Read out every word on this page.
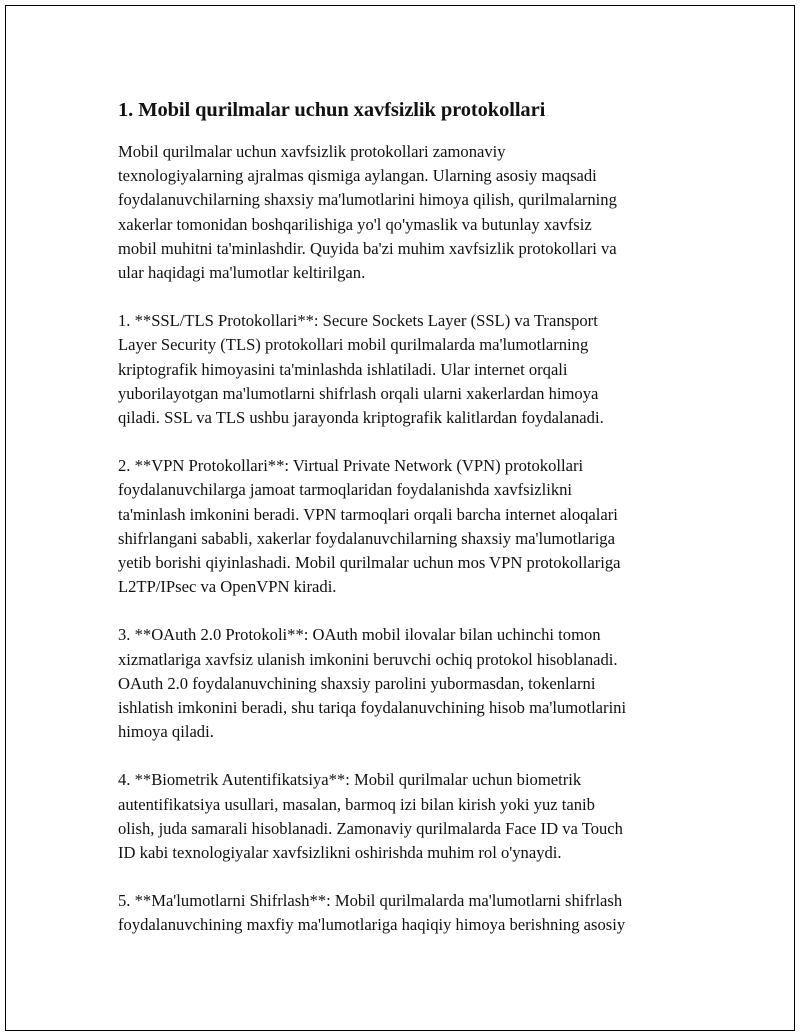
1. Mobil qurilmalar uchun xavfsizlik protokollari

Mobil qurilmalar uchun xavfsizlik protokollari zamonaviy
texnologiyalarning ajralmas qismiga aylangan. Ularning asosiy maqsadi
foydalanuvchilarning shaxsiy ma'lumotlarini himoya qilish, qurilmalarning
xakerlar tomonidan boshqarilishiga yo'l qo'ymaslik va butunlay xavfsiz
mobil muhitni ta'minlashdir. Quyida ba'zi muhim xavfsizlik protokollari va
ular haqidagi ma'lumotlar keltirilgan.

1. **SSL/TLS Protokollari**: Secure Sockets Layer (SSL) va Transport
Layer Security (TLS) protokollari mobil qurilmalarda ma'lumotlarning
kriptografik himoyasini ta'minlashda ishlatiladi. Ular internet orqali
yuborilayotgan ma'lumotlarni shifrlash orqali ularni xakerlardan himoya
qiladi. SSL va TLS ushbu jarayonda kriptografik kalitlardan foydalanadi.

2. **VPN Protokollari**: Virtual Private Network (VPN) protokollari
foydalanuvchilarga jamoat tarmoqlaridan foydalanishda xavfsizlikni
ta'minlash imkonini beradi. VPN tarmoqlari orqali barcha internet aloqalari
shifrlangani sababli, xakerlar foydalanuvchilarning shaxsiy ma'lumotlariga
yetib borishi qiyinlashadi. Mobil qurilmalar uchun mos VPN protokollariga
L2TP/IPsec va OpenVPN kiradi.

3. **OAuth 2.0 Protokoli**: OAuth mobil ilovalar bilan uchinchi tomon
xizmatlariga xavfsiz ulanish imkonini beruvchi ochiq protokol hisoblanadi.
OAuth 2.0 foydalanuvchining shaxsiy parolini yubormasdan, tokenlarni
ishlatish imkonini beradi, shu tariqa foydalanuvchining hisob ma'lumotlarini
himoya qiladi.

4. **Biometrik Autentifikatsiya**: Mobil qurilmalar uchun biometrik
autentifikatsiya usullari, masalan, barmoq izi bilan kirish yoki yuz tanib
olish, juda samarali hisoblanadi. Zamonaviy qurilmalarda Face ID va Touch
ID kabi texnologiyalar xavfsizlikni oshirishda muhim rol o'ynaydi.

5. **Ma'lumotlarni Shifrlash**: Mobil qurilmalarda ma'lumotlarni shifrlash
foydalanuvchining maxfiy ma'lumotlariga haqiqiy himoya berishning asosiy
